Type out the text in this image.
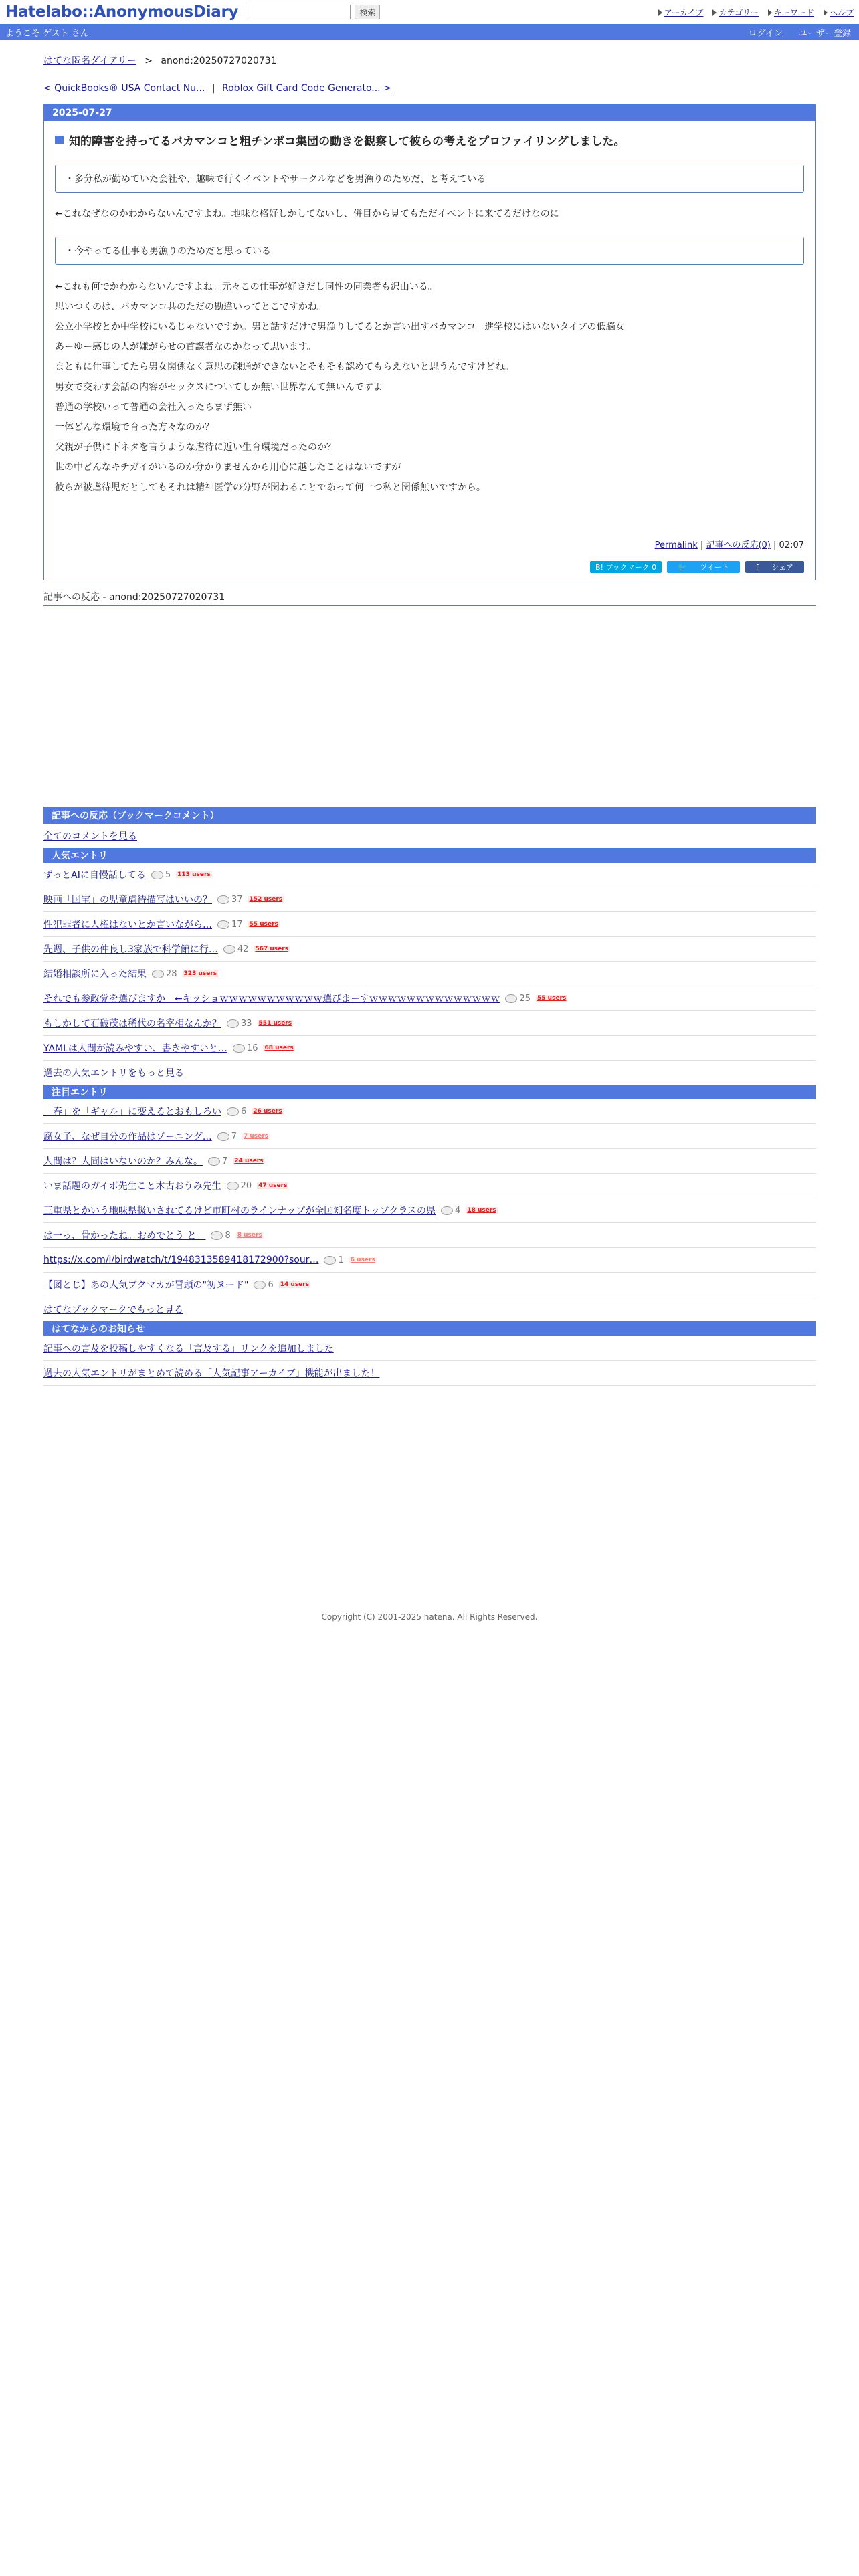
Hatelabo::AnonymousDiary	検索	アーカイブ カテゴリー キーワード ヘルプ
ようこそ ゲスト さん	ログイン ユーザー登録
はてな匿名ダイアリー > anond:20250727020731
< QuickBooks® USA Contact Nu... | Roblox Gift Card Code Generato... >
2025-07-27
知的障害を持ってるバカマンコと粗チンポコ集団の動きを観察して彼らの考えをプロファイリングしました。
・多分私が勤めていた会社や、趣味で行くイベントやサークルなどを男漁りのためだ、と考えている
←これなぜなのかわからないんですよね。地味な格好しかしてないし、併目から見てもただイベントに来てるだけなのに
・今やってる仕事も男漁りのためだと思っている
←これも何でかわからないんですよね。元々この仕事が好きだし同性の同業者も沢山いる。
思いつくのは、バカマンコ共のただの勘違いってとこですかね。
公立小学校とか中学校にいるじゃないですか。男と話すだけで男漁りしてるとか言い出すバカマンコ。進学校にはいないタイプの低脳女
あーゆー感じの人が嫌がらせの首謀者なのかなって思います。
まともに仕事してたら男女関係なく意思の疎通ができないとそもそも認めてもらえないと思うんですけどね。
男女で交わす会話の内容がセックスについてしか無い世界なんて無いんですよ
普通の学校いって普通の会社入ったらまず無い
一体どんな環境で育った方々なのか？
父親が子供に下ネタを言うような虐待に近い生育環境だったのか？
世の中どんなキチガイがいるのか分かりませんから用心に越したことはないですが
彼らが被虐待児だとしてもそれは精神医学の分野が関わることであって何一つ私と関係無いですから。
Permalink | 記事への反応(0) | 02:07
B! ブックマーク 0	🐦	ツイート	f	シェア
記事への反応 - anond:20250727020731
記事への反応（ブックマークコメント）
全てのコメントを見る
人気エントリ
ずっとAIに自慢話してる 5 113 users
映画「国宝」の児童虐待描写はいいの？ 37 152 users
性犯罪者に人権はないとか言いながら… 17 55 users
先週、子供の仲良し3家族で科学館に行… 42 567 users
結婚相談所に入った結果 28 323 users
それでも参政党を選びますか　←キッショｗｗｗｗｗｗｗｗｗｗｗ選びまーすｗｗｗｗｗｗｗｗｗｗｗｗｗｗ 25 55 users
もしかして石破茂は稀代の名宰相なんか？ 33 551 users
YAMLは人間が読みやすい、書きやすいと… 16 68 users
過去の人気エントリをもっと見る
注目エントリ
「春」を「ギャル」に変えるとおもしろい 6 26 users
腐女子、なぜ自分の作品はゾーニング… 7 7 users
人間は？人間はいないのか？みんな。 7 24 users
いま話題のガイボ先生こと木古おうみ先生 20 47 users
三重県とかいう地味県扱いされてるけど市町村のラインナップが全国知名度トップクラスの県 4 18 users
は一っ、骨かったね。おめでとう と。 8 8 users
https://x.com/i/birdwatch/t/1948313589418172900?sour… 1 6 users
【図とじ】あの人気ブクマカが冒頭の"初ヌード" 6 14 users
はてなブックマークでもっと見る
はてなからのお知らせ
記事への言及を投稿しやすくなる「言及する」リンクを追加しました
過去の人気エントリがまとめて読める「人気記事アーカイブ」機能が出ました！
Copyright (C) 2001-2025 hatena. All Rights Reserved.
